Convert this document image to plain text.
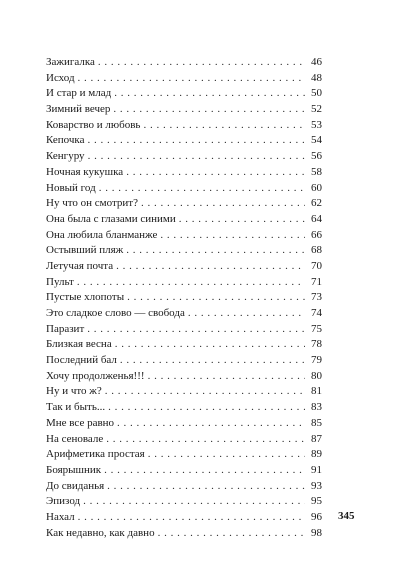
Зажигалка . . .	46
Исход . . .	48
И стар и млад . . .	50
Зимний вечер . . .	52
Коварство и любовь . . .	53
Кепочка . . .	54
Кенгуру . . .	56
Ночная кукушка . . .	58
Новый год . . .	60
Ну что он смотрит? . . .	62
Она была с глазами синими . . .	64
Она любила бланманже . . .	66
Остывший пляж . . .	68
Летучая почта . . .	70
Пульт . . .	71
Пустые хлопоты . . .	73
Это сладкое слово — свобода . . .	74
Паразит . . .	75
Близкая весна . . .	78
Последний бал . . .	79
Хочу продолженья!!! . . .	80
Ну и что ж? . . .	81
Так и быть... . . .	83
Мне все равно . . .	85
На сеновале . . .	87
Арифметика простая . . .	89
Боярышник . . .	91
До свиданья . . .	93
Эпизод . . .	95
Нахал . . .	96
Как недавно, как давно . . .	98
345
